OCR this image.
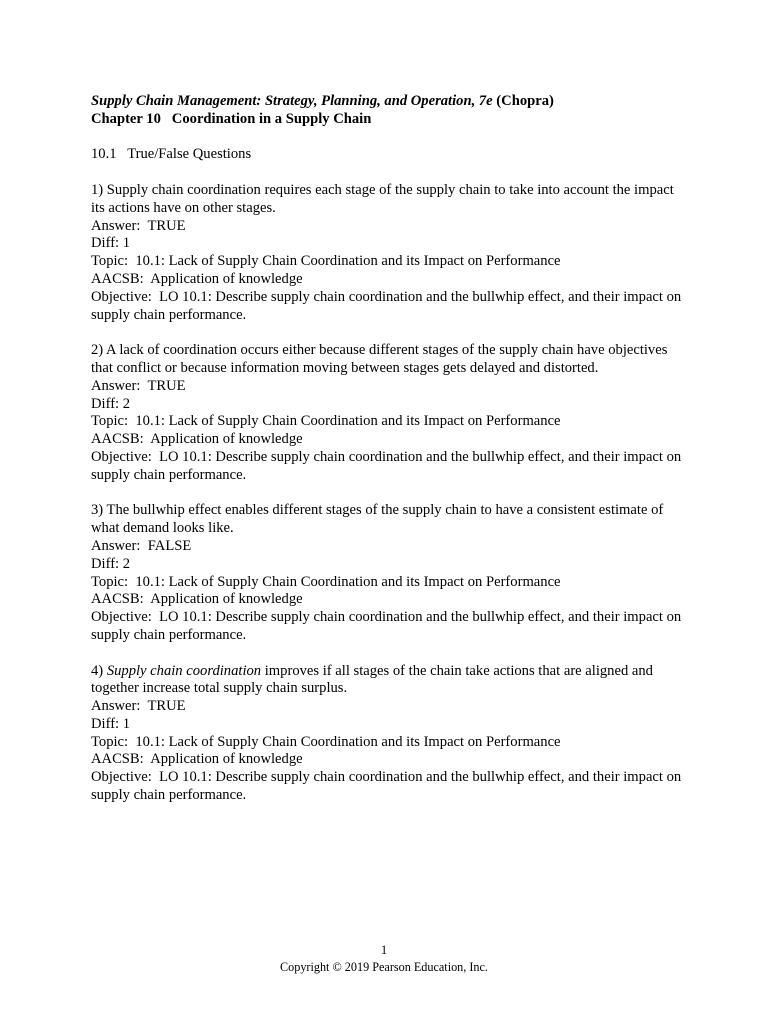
Supply Chain Management: Strategy, Planning, and Operation, 7e (Chopra)
Chapter 10   Coordination in a Supply Chain
10.1   True/False Questions
1) Supply chain coordination requires each stage of the supply chain to take into account the impact its actions have on other stages.
Answer:  TRUE
Diff: 1
Topic:  10.1: Lack of Supply Chain Coordination and its Impact on Performance
AACSB:  Application of knowledge
Objective:  LO 10.1: Describe supply chain coordination and the bullwhip effect, and their impact on supply chain performance.
2) A lack of coordination occurs either because different stages of the supply chain have objectives that conflict or because information moving between stages gets delayed and distorted.
Answer:  TRUE
Diff: 2
Topic:  10.1: Lack of Supply Chain Coordination and its Impact on Performance
AACSB:  Application of knowledge
Objective:  LO 10.1: Describe supply chain coordination and the bullwhip effect, and their impact on supply chain performance.
3) The bullwhip effect enables different stages of the supply chain to have a consistent estimate of what demand looks like.
Answer:  FALSE
Diff: 2
Topic:  10.1: Lack of Supply Chain Coordination and its Impact on Performance
AACSB:  Application of knowledge
Objective:  LO 10.1: Describe supply chain coordination and the bullwhip effect, and their impact on supply chain performance.
4) Supply chain coordination improves if all stages of the chain take actions that are aligned and together increase total supply chain surplus.
Answer:  TRUE
Diff: 1
Topic:  10.1: Lack of Supply Chain Coordination and its Impact on Performance
AACSB:  Application of knowledge
Objective:  LO 10.1: Describe supply chain coordination and the bullwhip effect, and their impact on supply chain performance.
1
Copyright © 2019 Pearson Education, Inc.
